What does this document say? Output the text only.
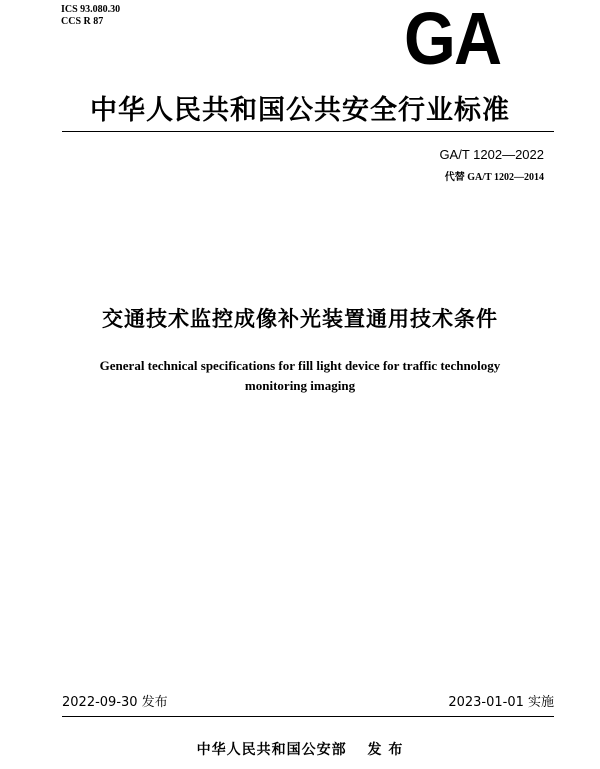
ICS 93.080.30
CCS R 87	GA
中华人民共和国公共安全行业标准
GA/T 1202—2022
代替 GA/T 1202—2014
交通技术监控成像补光装置通用技术条件
General technical specifications for fill light device for traffic technology monitoring imaging
2022-09-30 发布	2023-01-01 实施
中华人民共和国公安部　 发 布
